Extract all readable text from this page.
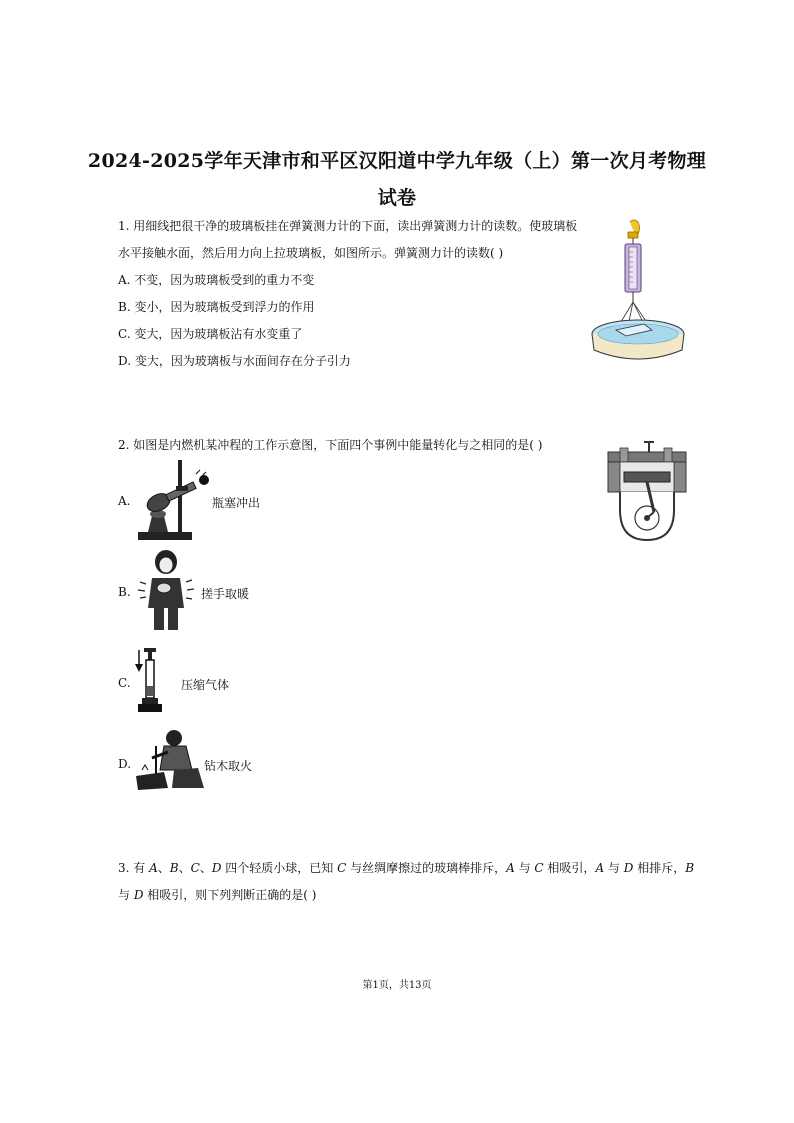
2024-2025学年天津市和平区汉阳道中学九年级（上）第一次月考物理
试卷
1. 用细线把很干净的玻璃板挂在弹簧测力计的下面，读出弹簧测力计的读数。使玻璃板
水平接触水面，然后用力向上拉玻璃板，如图所示。弹簧测力计的读数( )
A. 不变，因为玻璃板受到的重力不变
B. 变小，因为玻璃板受到浮力的作用
C. 变大，因为玻璃板沾有水变重了
D. 变大，因为玻璃板与水面间存在分子引力
2. 如图是内燃机某冲程的工作示意图，下面四个事例中能量转化与之相同的是( )
A.	瓶塞冲出
B.	搓手取暖
C.	压缩气体
D.	钻木取火
3. 有 A、B、C、D 四个轻质小球，已知 C 与丝绸摩擦过的玻璃棒排斥，A 与 C 相吸引，A 与 D 相排斥，B
与 D 相吸引，则下列判断正确的是( )
第1页，共13页
